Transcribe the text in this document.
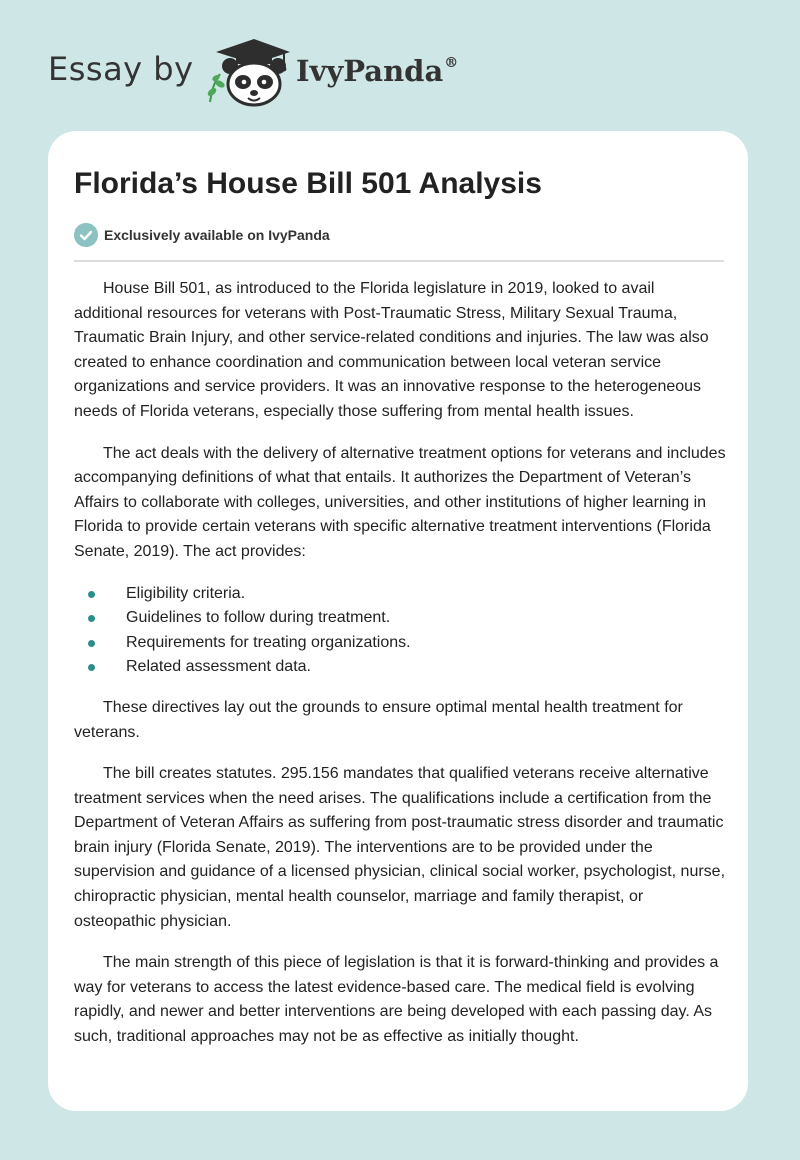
Essay by	IvyPanda®
Florida’s House Bill 501 Analysis
Exclusively available on IvyPanda

House Bill 501, as introduced to the Florida legislature in 2019, looked to avail additional resources for veterans with Post-Traumatic Stress, Military Sexual Trauma, Traumatic Brain Injury, and other service-related conditions and injuries. The law was also created to enhance coordination and communication between local veteran service organizations and service providers. It was an innovative response to the heterogeneous needs of Florida veterans, especially those suffering from mental health issues.

The act deals with the delivery of alternative treatment options for veterans and includes accompanying definitions of what that entails. It authorizes the Department of Veteran’s Affairs to collaborate with colleges, universities, and other institutions of higher learning in Florida to provide certain veterans with specific alternative treatment interventions (Florida Senate, 2019). The act provides:

Eligibility criteria.
Guidelines to follow during treatment.
Requirements for treating organizations.
Related assessment data.

These directives lay out the grounds to ensure optimal mental health treatment for veterans.

The bill creates statutes. 295.156 mandates that qualified veterans receive alternative treatment services when the need arises. The qualifications include a certification from the Department of Veteran Affairs as suffering from post-traumatic stress disorder and traumatic brain injury (Florida Senate, 2019). The interventions are to be provided under the supervision and guidance of a licensed physician, clinical social worker, psychologist, nurse, chiropractic physician, mental health counselor, marriage and family therapist, or osteopathic physician.

The main strength of this piece of legislation is that it is forward-thinking and provides a way for veterans to access the latest evidence-based care. The medical field is evolving rapidly, and newer and better interventions are being developed with each passing day. As such, traditional approaches may not be as effective as initially thought.
